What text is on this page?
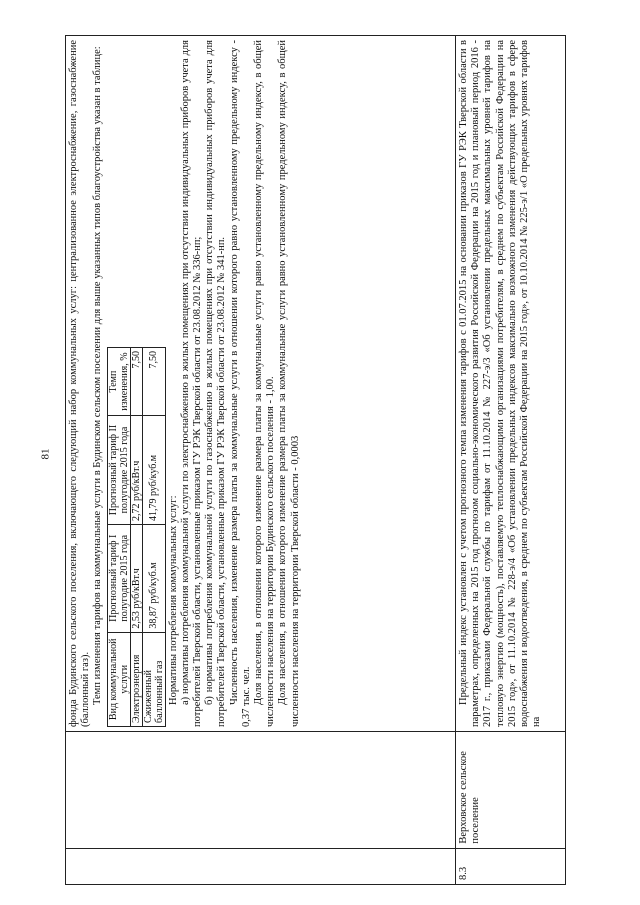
81
		фонда Будинского сельского поселения, включающего следующий набор коммунальных услуг: централизованное электроснабжение, газоснабжение (баллонный газ). Темп изменения тарифов на коммунальные услуги в Будинском сельском поселении для выше указанных типов благоустройства указан в таблице: Вид коммунальной услуги	Прогнозный тариф I полугодие 2015 года	Прогнозный тариф II полугодие 2015 года	Темп изменения, %
Электроэнергия	2,53 руб/кВт.ч	2,72 руб/кВт.ч	7,50
Сжиженный баллонный газ	38,87 руб/куб.м	41,79 руб/куб.м	7,50

Нормативы потребления коммунальных услуг: а) нормативы потребления коммунальной услуги по электроснабжению в жилых помещениях при отсутствии индивидуальных приборов учета для потребителей Тверской области, установленные приказом ГУ РЭК Тверской области от 23.08.2012 № 336-нп; б) нормативы потребления коммунальной услуги по газоснабжению в жилых помещениях при отсутствии индивидуальных приборов учета для потребителей Тверской области, установленные приказом ГУ РЭК Тверской области от 23.08.2012 № 341-нп. Численность населения, изменение размера платы за коммунальные услуги в отношении которого равно установленному предельному индексу - 0,37 тыс. чел. Доля населения, в отношении которого изменение размера платы за коммунальные услуги равно установленному предельному индексу, в общей численности населения на территории Будинского сельского поселения - 1,00. Доля населения, в отношении которого изменение размера платы за коммунальные услуги равно установленному предельному индексу, в общей численности населения на территории Тверской области - 0,0003

8.3	Верховское сельское поселение	

Предельный индекс установлен с учетом прогнозного темпа изменения тарифов с 01.07.2015 на основании приказов ГУ РЭК Тверской области в параметрах, определенных на 2015 год прогнозом социально-экономического развития Российской Федерации на 2015 год и плановый период 2016 - 2017 г., приказами Федеральной службы по тарифам от 11.10.2014 № 227-э/3 «Об установлении предельных максимальных уровней тарифов на тепловую энергию (мощность), поставляемую теплоснабжающими организациями потребителям, в среднем по субъектам Российской Федерации на 2015 год», от 11.10.2014 № 228-э/4 «Об установлении предельных индексов максимально возможного изменения действующих тарифов в сфере водоснабжения и водоотведения, в среднем по субъектам Российской Федерации на 2015 год», от 10.10.2014 № 225-э/1 «О предельных уровнях тарифов на
